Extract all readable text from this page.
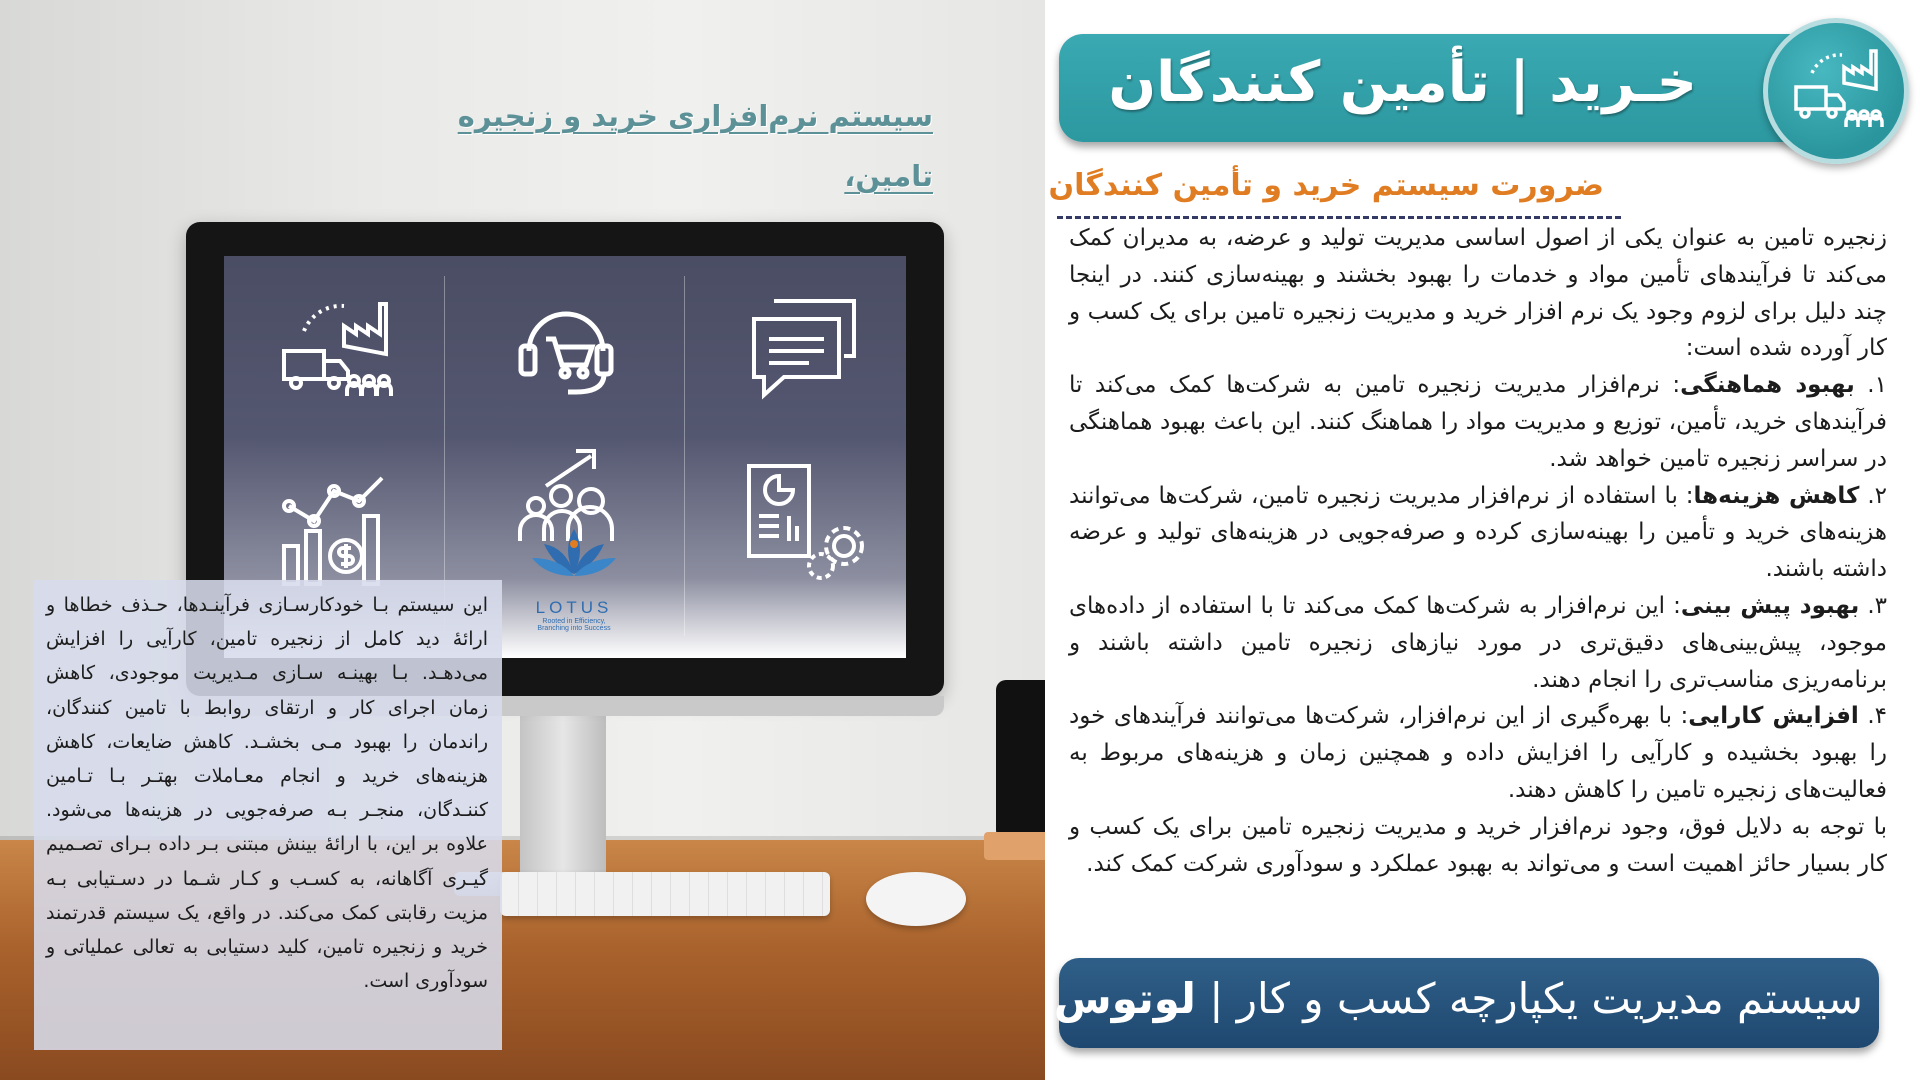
سیستم نرم‌افزاری خرید و زنجیره تامین،
LOTUS
Rooted in Efficiency,
Branching into Success
این سیستم بـا خودکارسـازی فرآینـدها، حـذف خطاها و ارائۀ دید کامل از زنجیره تامین، کارآیی را افزایش می‌دهـد. بـا بهینـه سـازی مـدیریت موجودی، کاهش زمان اجرای کار و ارتقای روابط با تامین کنندگان، راندمان را بهبود مـی بخشـد. کاهش ضایعات، کاهش هزینه‌های خرید و انجام معـاملات بهتـر بـا تـامین کننـدگان، منجـر بـه صرفه‌جویی در هزینه‌ها می‌شود. علاوه بر این، با ارائۀ بینش مبتنی بـر داده بـرای تصـمیم گیـری آگاهانه، به کسـب و کـار شـما در دسـتیابی بـه مزیت رقابتی کمک می‌کند. در واقع، یک سیستم قدرتمند خرید و زنجیره تامین، کلید دستیابی به تعالی عملیاتی و سودآوری است.
خـرید | تأمین کنندگان
ضرورت سیستم خرید و تأمین کنندگان

زنجیره تامین به عنوان یکی از اصول اساسی مدیریت تولید و عرضه، به مدیران کمک می‌کند تا فرآیندهای تأمین مواد و خدمات را بهبود بخشند و بهینه‌سازی کنند. در اینجا چند دلیل برای لزوم وجود یک نرم افزار خرید و مدیریت زنجیره تامین برای یک کسب و کار آورده شده است:

۱. بهبود هماهنگی: نرم‌افزار مدیریت زنجیره تامین به شرکت‌ها کمک می‌کند تا فرآیندهای خرید، تأمین، توزیع و مدیریت مواد را هماهنگ کنند. این باعث بهبود هماهنگی در سراسر زنجیره تامین خواهد شد.

۲. کاهش هزینه‌ها: با استفاده از نرم‌افزار مدیریت زنجیره تامین، شرکت‌ها می‌توانند هزینه‌های خرید و تأمین را بهینه‌سازی کرده و صرفه‌جویی در هزینه‌های تولید و عرضه داشته باشند.

۳. بهبود پیش بینی: این نرم‌افزار به شرکت‌ها کمک می‌کند تا با استفاده از داده‌های موجود، پیش‌بینی‌های دقیق‌تری در مورد نیازهای زنجیره تامین داشته باشند و برنامه‌ریزی مناسب‌تری را انجام دهند.

۴. افزایش کارایی: با بهره‌گیری از این نرم‌افزار، شرکت‌ها می‌توانند فرآیندهای خود را بهبود بخشیده و کارآیی را افزایش داده و همچنین زمان و هزینه‌های مربوط به فعالیت‌های زنجیره تامین را کاهش دهند.

با توجه به دلایل فوق، وجود نرم‌افزار خرید و مدیریت زنجیره تامین برای یک کسب و کار بسیار حائز اهمیت است و می‌تواند به بهبود عملکرد و سودآوری شرکت کمک کند.

سیستم مدیریت یکپارچه کسب و کار | لوتوس
